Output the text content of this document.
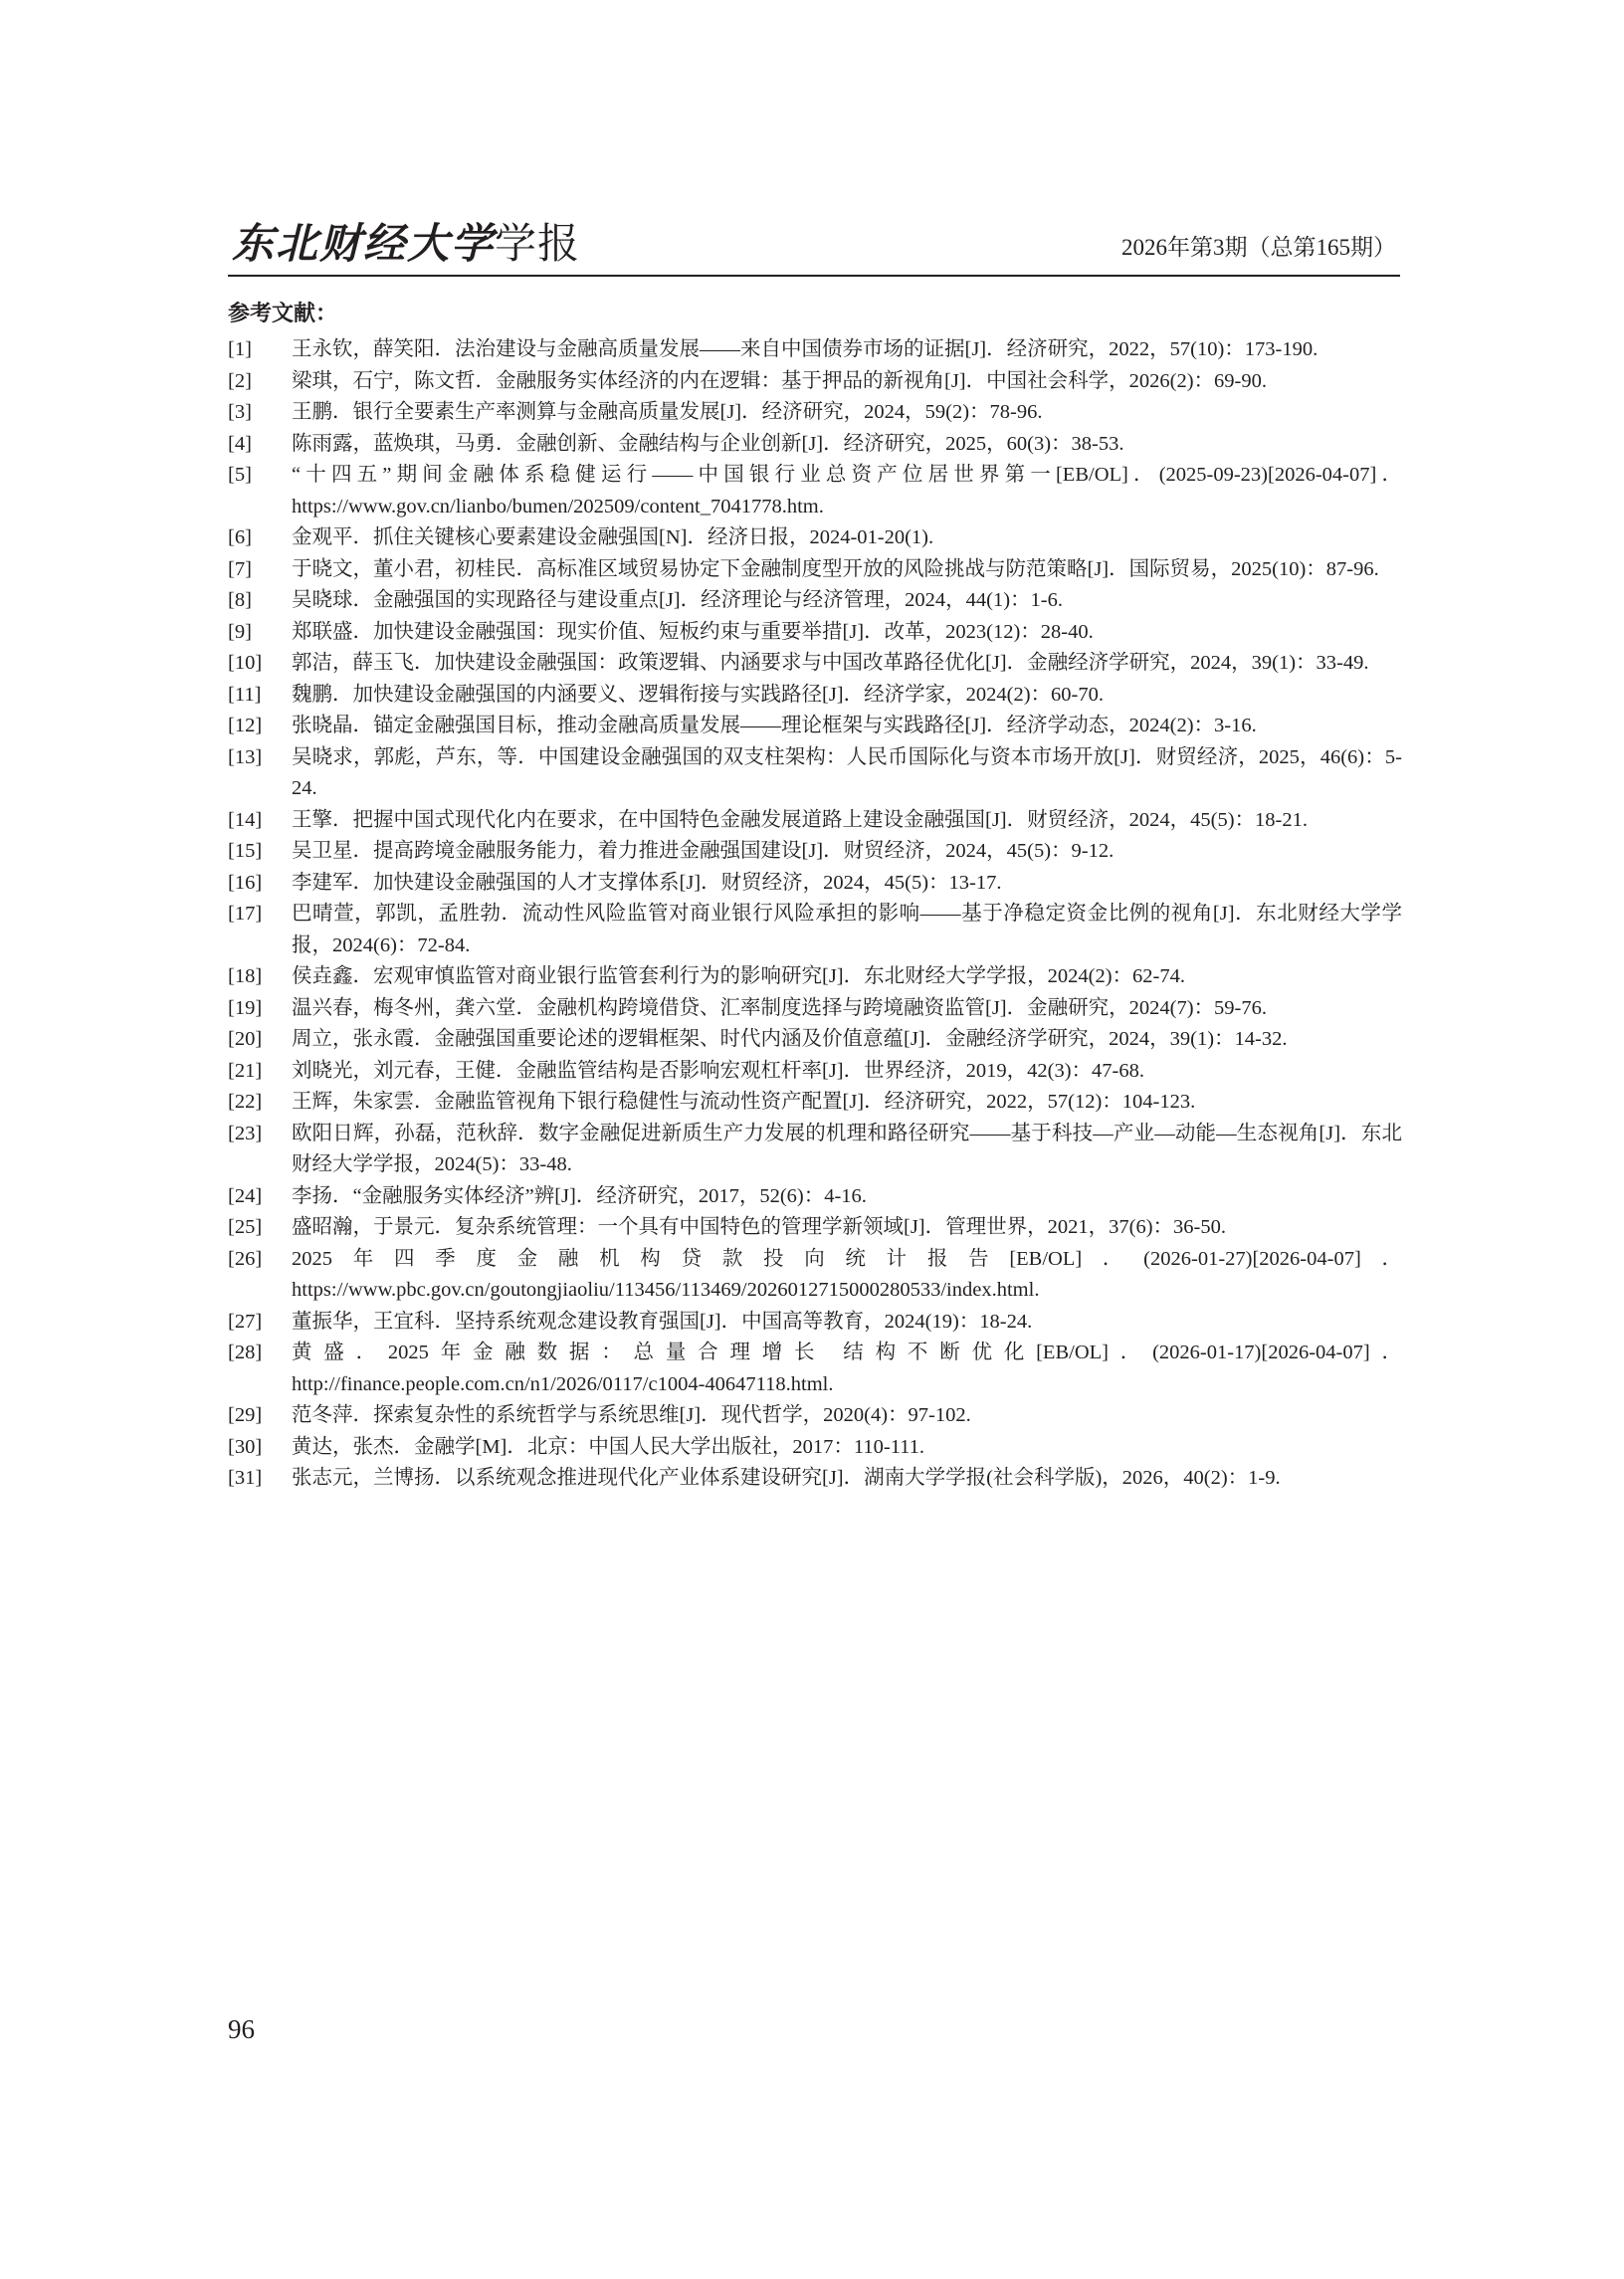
东北财经大学学报	2026年第3期（总第165期）
参考文献：
[1] 王永钦，薛笑阳．法治建设与金融高质量发展——来自中国债券市场的证据[J]．经济研究，2022，57(10)：173-190.
[2] 梁琪，石宁，陈文哲．金融服务实体经济的内在逻辑：基于押品的新视角[J]．中国社会科学，2026(2)：69-90.
[3] 王鹏．银行全要素生产率测算与金融高质量发展[J]．经济研究，2024，59(2)：78-96.
[4] 陈雨露，蓝焕琪，马勇．金融创新、金融结构与企业创新[J]．经济研究，2025，60(3)：38-53.
[5] “十四五”期间金融体系稳健运行——中国银行业总资产位居世界第一[EB/OL]．(2025-09-23)[2026-04-07]．https://www.gov.cn/lianbo/bumen/202509/content_7041778.htm.
[6] 金观平．抓住关键核心要素建设金融强国[N]．经济日报，2024-01-20(1).
[7] 于晓文，董小君，初桂民．高标准区域贸易协定下金融制度型开放的风险挑战与防范策略[J]．国际贸易，2025(10)：87-96.
[8] 吴晓球．金融强国的实现路径与建设重点[J]．经济理论与经济管理，2024，44(1)：1-6.
[9] 郑联盛．加快建设金融强国：现实价值、短板约束与重要举措[J]．改革，2023(12)：28-40.
[10] 郭洁，薛玉飞．加快建设金融强国：政策逻辑、内涵要求与中国改革路径优化[J]．金融经济学研究，2024，39(1)：33-49.
[11] 魏鹏．加快建设金融强国的内涵要义、逻辑衔接与实践路径[J]．经济学家，2024(2)：60-70.
[12] 张晓晶．锚定金融强国目标，推动金融高质量发展——理论框架与实践路径[J]．经济学动态，2024(2)：3-16.
[13] 吴晓求，郭彪，芦东，等．中国建设金融强国的双支柱架构：人民币国际化与资本市场开放[J]．财贸经济，2025，46(6)：5-24.
[14] 王擎．把握中国式现代化内在要求，在中国特色金融发展道路上建设金融强国[J]．财贸经济，2024，45(5)：18-21.
[15] 吴卫星．提高跨境金融服务能力，着力推进金融强国建设[J]．财贸经济，2024，45(5)：9-12.
[16] 李建军．加快建设金融强国的人才支撑体系[J]．财贸经济，2024，45(5)：13-17.
[17] 巴晴萱，郭凯，孟胜勃．流动性风险监管对商业银行风险承担的影响——基于净稳定资金比例的视角[J]．东北财经大学学报，2024(6)：72-84.
[18] 侯垚鑫．宏观审慎监管对商业银行监管套利行为的影响研究[J]．东北财经大学学报，2024(2)：62-74.
[19] 温兴春，梅冬州，龚六堂．金融机构跨境借贷、汇率制度选择与跨境融资监管[J]．金融研究，2024(7)：59-76.
[20] 周立，张永霞．金融强国重要论述的逻辑框架、时代内涵及价值意蕴[J]．金融经济学研究，2024，39(1)：14-32.
[21] 刘晓光，刘元春，王健．金融监管结构是否影响宏观杠杆率[J]．世界经济，2019，42(3)：47-68.
[22] 王辉，朱家雲．金融监管视角下银行稳健性与流动性资产配置[J]．经济研究，2022，57(12)：104-123.
[23] 欧阳日辉，孙磊，范秋辞．数字金融促进新质生产力发展的机理和路径研究——基于科技—产业—动能—生态视角[J]．东北财经大学学报，2024(5)：33-48.
[24] 李扬．“金融服务实体经济”辨[J]．经济研究，2017，52(6)：4-16.
[25] 盛昭瀚，于景元．复杂系统管理：一个具有中国特色的管理学新领域[J]．管理世界，2021，37(6)：36-50.
[26] 2025年四季度金融机构贷款投向统计报告[EB/OL]．(2026-01-27)[2026-04-07]．https://www.pbc.gov.cn/goutongjiaoliu/113456/113469/2026012715000280533/index.html.
[27] 董振华，王宜科．坚持系统观念建设教育强国[J]．中国高等教育，2024(19)：18-24.
[28] 黄盛．2025年金融数据：总量合理增长 结构不断优化[EB/OL]．(2026-01-17)[2026-04-07]．http://finance.people.com.cn/n1/2026/0117/c1004-40647118.html.
[29] 范冬萍．探索复杂性的系统哲学与系统思维[J]．现代哲学，2020(4)：97-102.
[30] 黄达，张杰．金融学[M]．北京：中国人民大学出版社，2017：110-111.
[31] 张志元，兰博扬．以系统观念推进现代化产业体系建设研究[J]．湖南大学学报(社会科学版)，2026，40(2)：1-9.
96
